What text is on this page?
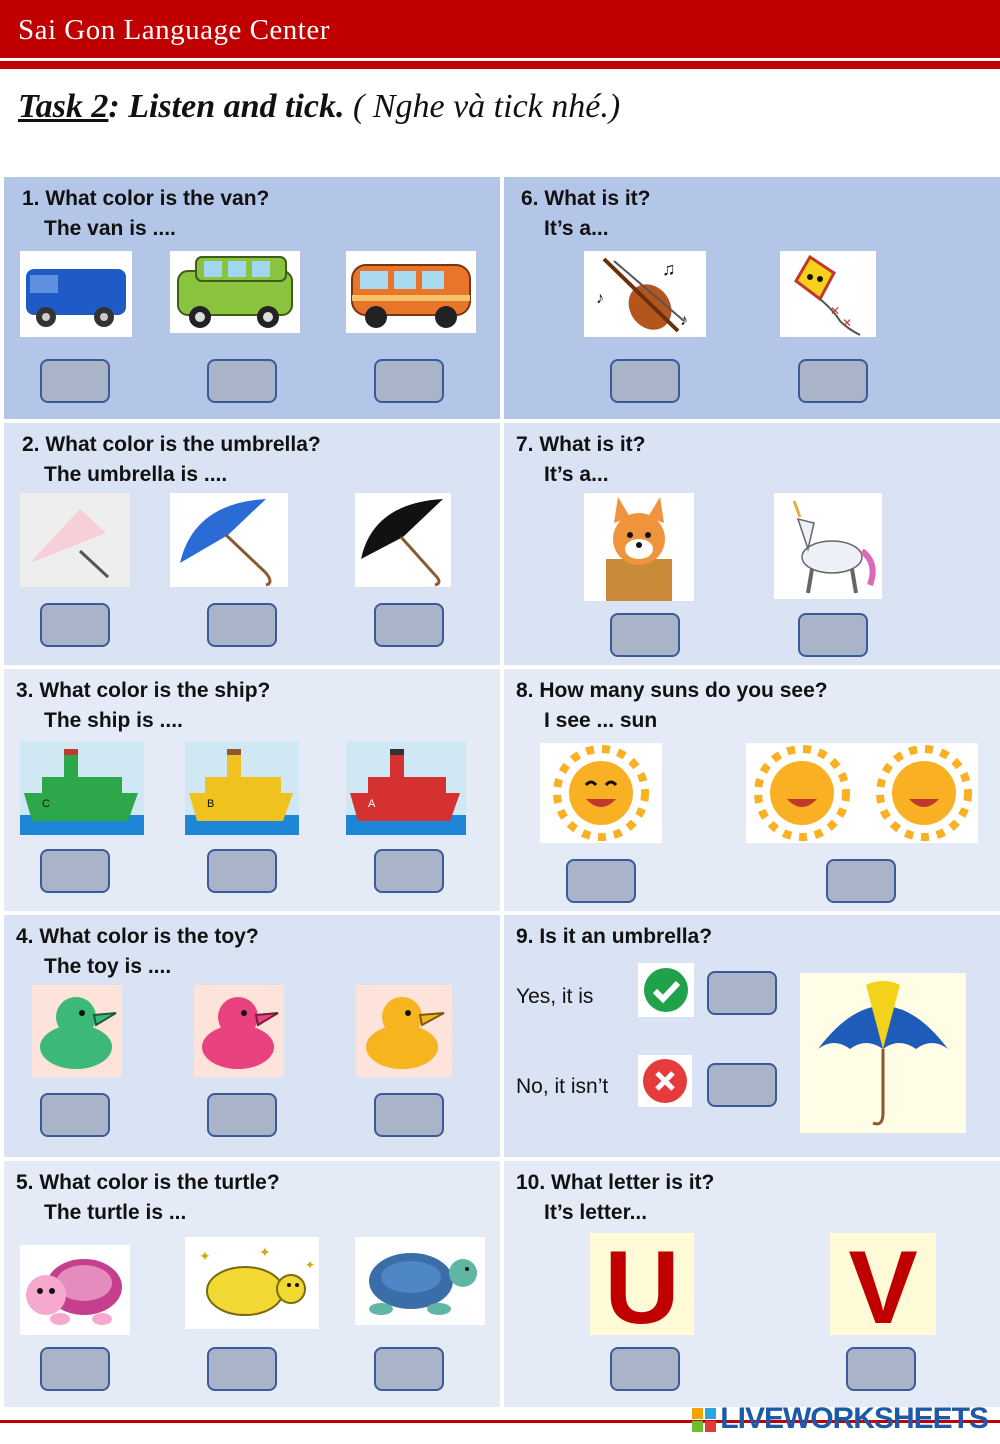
Sai Gon Language Center
Task 2: Listen and tick. ( Nghe và tick nhé.)
1. What color is the van?
The van is ....
6. What is it?
It’s a...
♫
♪
♪
✕
✕
2. What color is the umbrella?
The umbrella is ....
7. What is it?
It’s a...
3. What color is the ship?
The ship is ....
C	B	A
8. How many suns do you see?
I see ... sun
4. What color is the toy?
The toy is ....
9. Is it an umbrella?
Yes, it is
No, it isn’t
5. What color is the turtle?
The turtle is ...
✦	✦
✦
10. What letter is it?
It’s letter...
U V
LIVEWORKSHEETS
